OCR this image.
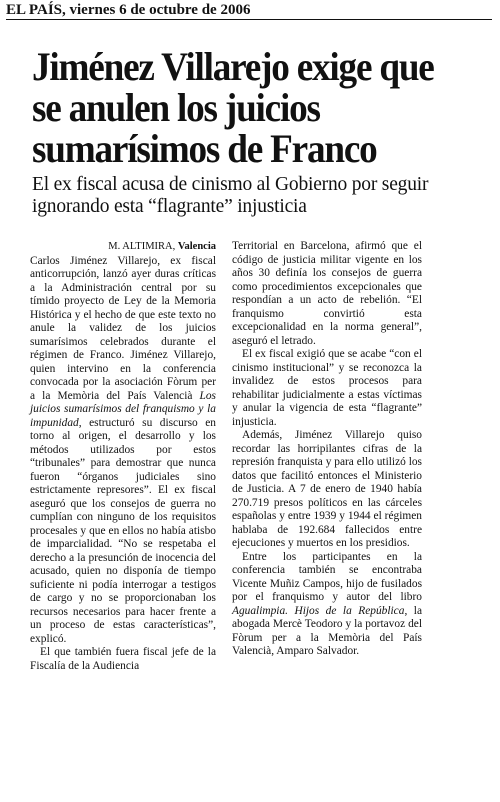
EL PAÍS, viernes 6 de octubre de 2006
Jiménez Villarejo exige que se anulen los juicios sumarísimos de Franco
El ex fiscal acusa de cinismo al Gobierno por seguir ignorando esta “flagrante” injusticia
M. ALTIMIRA, Valencia

Carlos Jiménez Villarejo, ex fiscal anticorrupción, lanzó ayer duras críticas a la Administración central por su tímido proyecto de Ley de la Memoria Histórica y el hecho de que este texto no anule la validez de los juicios sumarísimos celebrados durante el régimen de Franco. Jiménez Villarejo, quien intervino en la conferencia convocada por la asociación Fòrum per a la Memòria del País Valencià Los juicios sumarísimos del franquismo y la impunidad, estructuró su discurso en torno al origen, el desarrollo y los métodos utilizados por estos “tribunales” para demostrar que nunca fueron “órganos judiciales sino estrictamente represores”. El ex fiscal aseguró que los consejos de guerra no cumplían con ninguno de los requisitos procesales y que en ellos no había atisbo de imparcialidad. “No se respetaba el derecho a la presunción de inocencia del acusado, quien no disponía de tiempo suficiente ni podía interrogar a testigos de cargo y no se proporcionaban los recursos necesarios para hacer frente a un proceso de estas características”, explicó.

El que también fuera fiscal jefe de la Fiscalía de la Audiencia

Territorial en Barcelona, afirmó que el código de justicia militar vigente en los años 30 definía los consejos de guerra como procedimientos excepcionales que respondían a un acto de rebelión. “El franquismo convirtió esta excepcionalidad en la norma general”, aseguró el letrado.

El ex fiscal exigió que se acabe “con el cinismo institucional” y se reconozca la invalidez de estos procesos para rehabilitar judicialmente a estas víctimas y anular la vigencia de esta “flagrante” injusticia.

Además, Jiménez Villarejo quiso recordar las horripilantes cifras de la represión franquista y para ello utilizó los datos que facilitó entonces el Ministerio de Justicia. A 7 de enero de 1940 había 270.719 presos políticos en las cárceles españolas y entre 1939 y 1944 el régimen hablaba de 192.684 fallecidos entre ejecuciones y muertos en los presidios.

Entre los participantes en la conferencia también se encontraba Vicente Muñiz Campos, hijo de fusilados por el franquismo y autor del libro Agualimpia. Hijos de la República, la abogada Mercè Teodoro y la portavoz del Fòrum per a la Memòria del País Valencià, Amparo Salvador.
